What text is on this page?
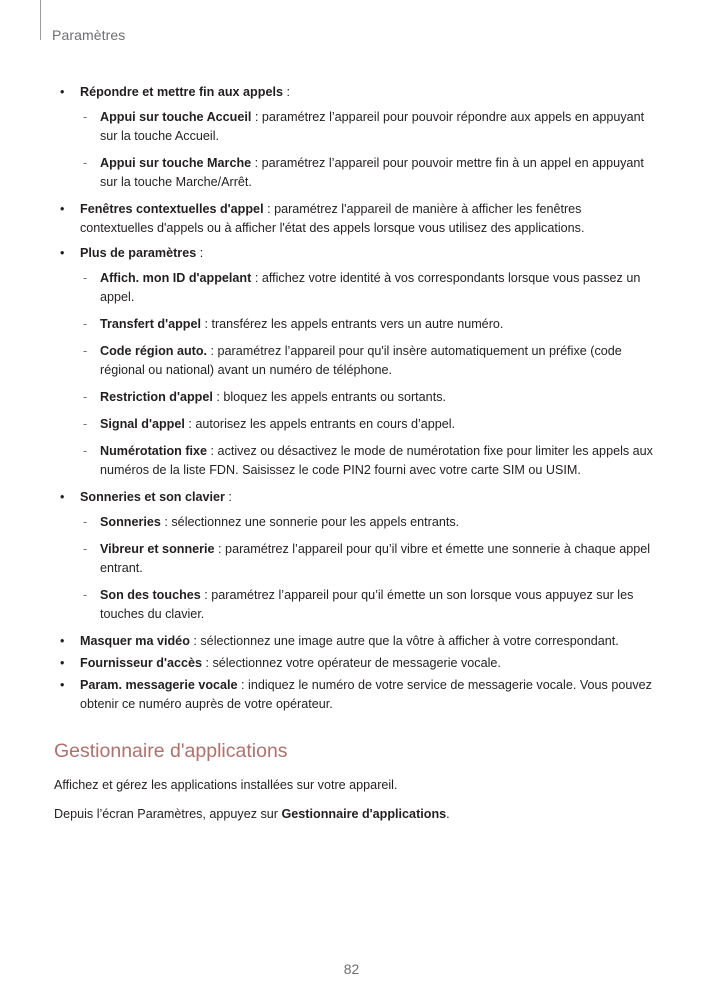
Paramètres
• Répondre et mettre fin aux appels :
- Appui sur touche Accueil : paramétrez l’appareil pour pouvoir répondre aux appels en appuyant sur la touche Accueil.
- Appui sur touche Marche : paramétrez l’appareil pour pouvoir mettre fin à un appel en appuyant sur la touche Marche/Arrêt.
• Fenêtres contextuelles d'appel : paramétrez l'appareil de manière à afficher les fenêtres contextuelles d'appels ou à afficher l'état des appels lorsque vous utilisez des applications.
• Plus de paramètres :
- Affich. mon ID d'appelant : affichez votre identité à vos correspondants lorsque vous passez un appel.
- Transfert d'appel : transférez les appels entrants vers un autre numéro.
- Code région auto. : paramétrez l’appareil pour qu'il insère automatiquement un préfixe (code régional ou national) avant un numéro de téléphone.
- Restriction d'appel : bloquez les appels entrants ou sortants.
- Signal d'appel : autorisez les appels entrants en cours d’appel.
- Numérotation fixe : activez ou désactivez le mode de numérotation fixe pour limiter les appels aux numéros de la liste FDN. Saisissez le code PIN2 fourni avec votre carte SIM ou USIM.
• Sonneries et son clavier :
- Sonneries : sélectionnez une sonnerie pour les appels entrants.
- Vibreur et sonnerie : paramétrez l’appareil pour qu’il vibre et émette une sonnerie à chaque appel entrant.
- Son des touches : paramétrez l’appareil pour qu’il émette un son lorsque vous appuyez sur les touches du clavier.
• Masquer ma vidéo : sélectionnez une image autre que la vôtre à afficher à votre correspondant.
• Fournisseur d'accès : sélectionnez votre opérateur de messagerie vocale.
• Param. messagerie vocale : indiquez le numéro de votre service de messagerie vocale. Vous pouvez obtenir ce numéro auprès de votre opérateur.
Gestionnaire d'applications

Affichez et gérez les applications installées sur votre appareil.

Depuis l’écran Paramètres, appuyez sur Gestionnaire d'applications.

82
